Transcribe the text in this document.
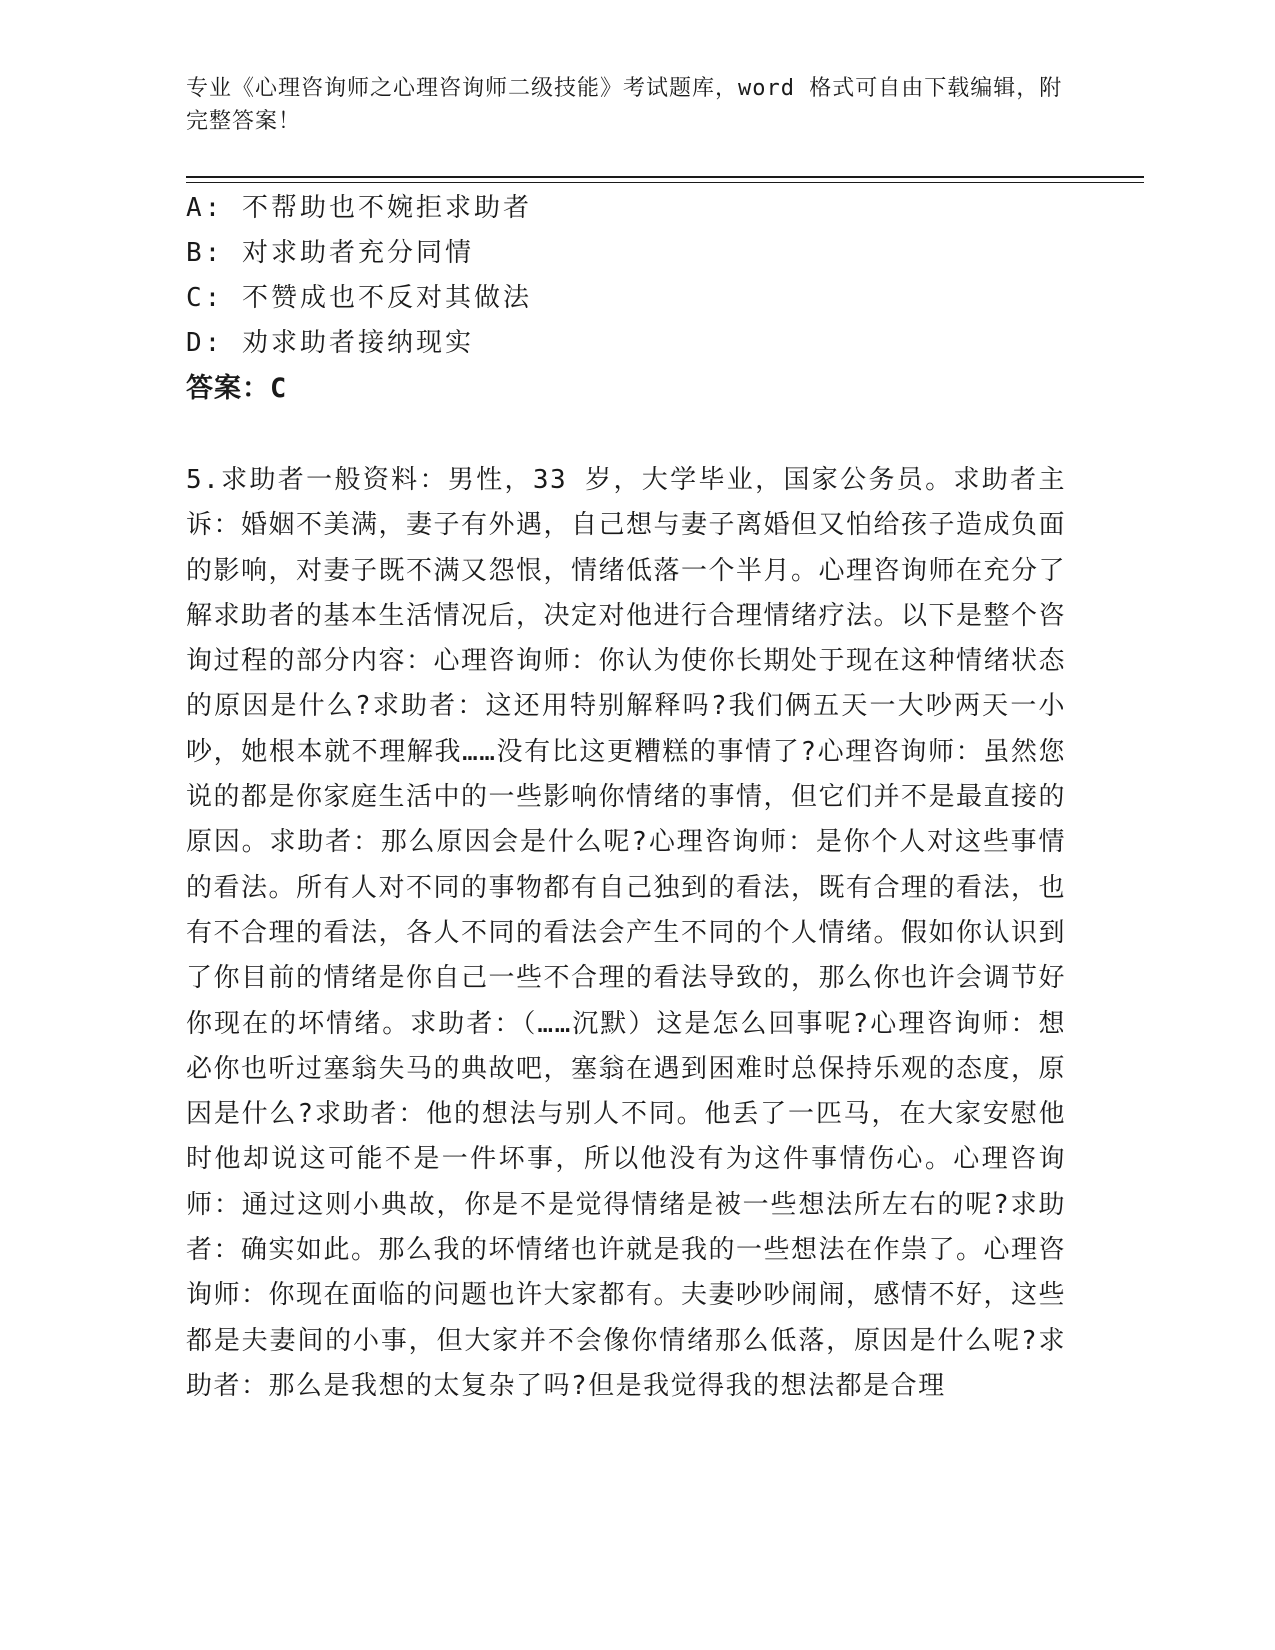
专业《心理咨询师之心理咨询师二级技能》考试题库，word 格式可自由下载编辑，附完整答案！
A: 不帮助也不婉拒求助者
B: 对求助者充分同情
C: 不赞成也不反对其做法
D: 劝求助者接纳现实
答案：C
5.求助者一般资料：男性，33 岁，大学毕业，国家公务员。求助者主诉：婚姻不美满，妻子有外遇，自己想与妻子离婚但又怕给孩子造成负面的影响，对妻子既不满又怨恨，情绪低落一个半月。心理咨询师在充分了解求助者的基本生活情况后，决定对他进行合理情绪疗法。以下是整个咨询过程的部分内容：心理咨询师：你认为使你长期处于现在这种情绪状态的原因是什么?求助者：这还用特别解释吗?我们俩五天一大吵两天一小吵，她根本就不理解我……没有比这更糟糕的事情了?心理咨询师：虽然您说的都是你家庭生活中的一些影响你情绪的事情，但它们并不是最直接的原因。求助者：那么原因会是什么呢?心理咨询师：是你个人对这些事情的看法。所有人对不同的事物都有自己独到的看法，既有合理的看法，也有不合理的看法，各人不同的看法会产生不同的个人情绪。假如你认识到了你目前的情绪是你自己一些不合理的看法导致的，那么你也许会调节好你现在的坏情绪。求助者：（……沉默）这是怎么回事呢?心理咨询师：想必你也听过塞翁失马的典故吧，塞翁在遇到困难时总保持乐观的态度，原因是什么?求助者：他的想法与别人不同。他丢了一匹马，在大家安慰他时他却说这可能不是一件坏事，所以他没有为这件事情伤心。心理咨询师：通过这则小典故，你是不是觉得情绪是被一些想法所左右的呢?求助者：确实如此。那么我的坏情绪也许就是我的一些想法在作祟了。心理咨询师：你现在面临的问题也许大家都有。夫妻吵吵闹闹，感情不好，这些都是夫妻间的小事，但大家并不会像你情绪那么低落，原因是什么呢?求助者：那么是我想的太复杂了吗?但是我觉得我的想法都是合理
